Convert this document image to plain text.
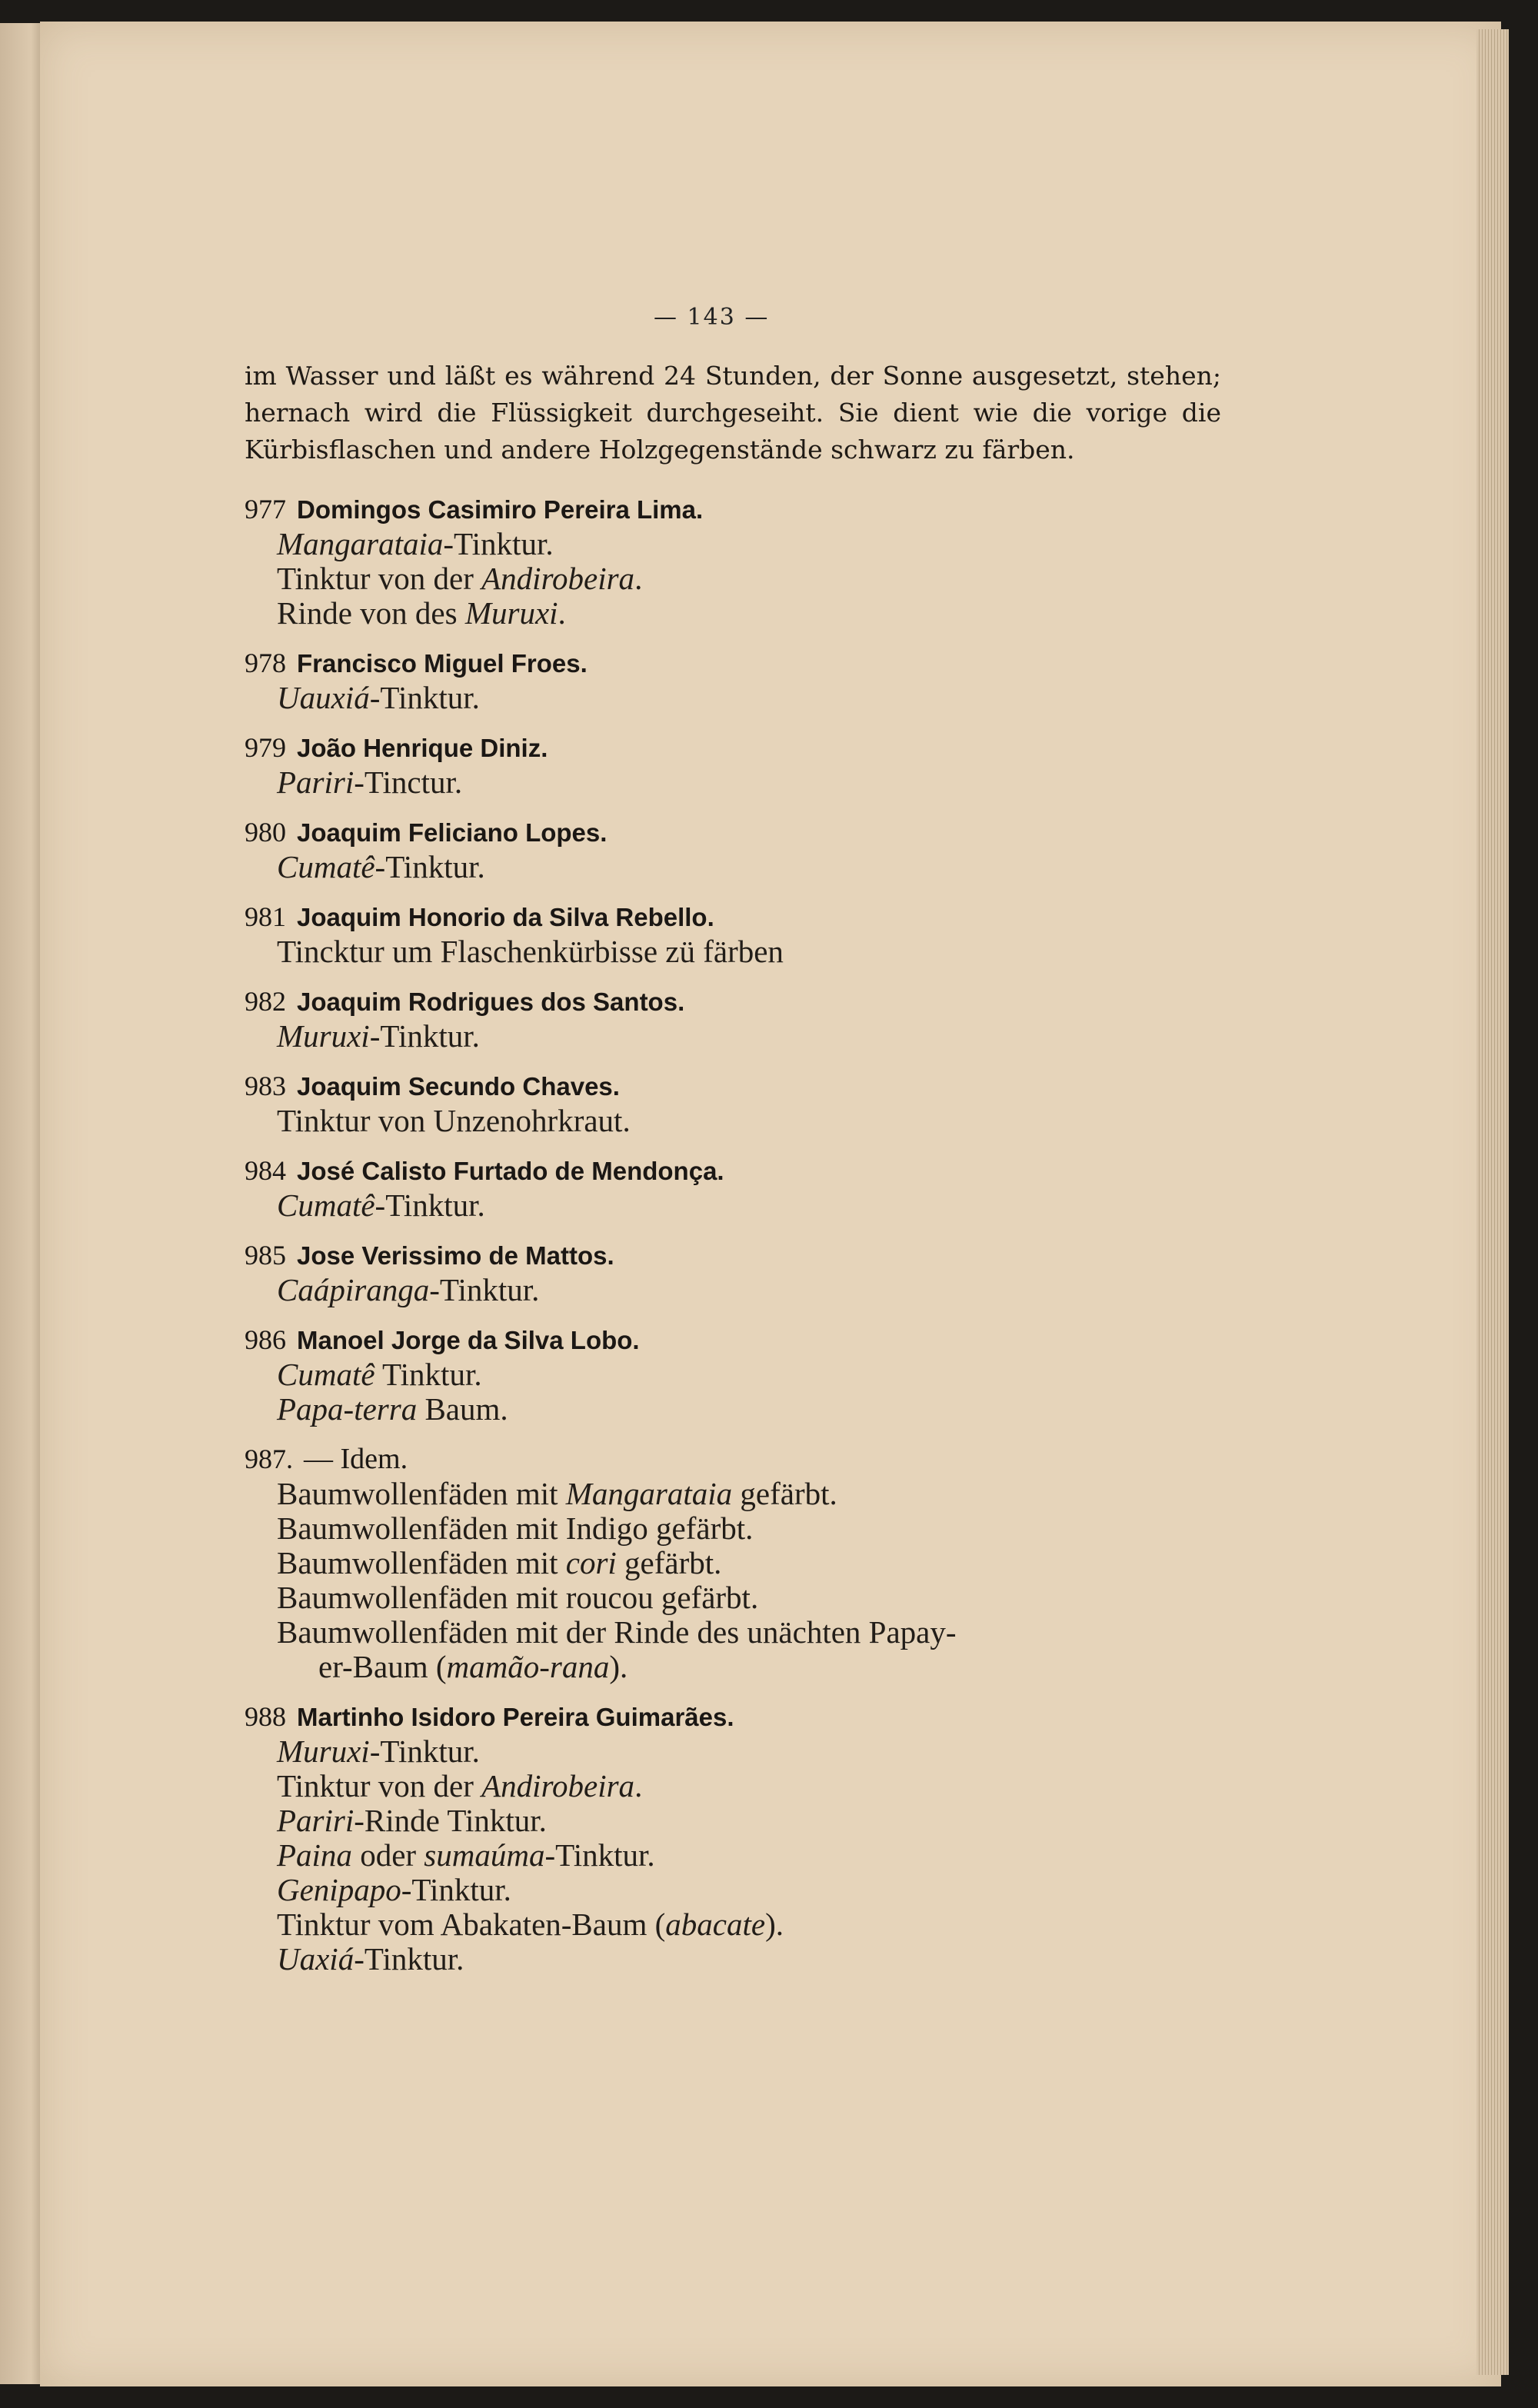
— 143 —
im Wasser und läßt es während 24 Stunden, der Sonne ausgesetzt, stehen; hernach wird die Flüssigkeit durchgeseiht. Sie dient wie die vorige die Kürbisflaschen und andere Holzgegenstände schwarz zu färben.
977 Domingos Casimiro Pereira Lima.
Mangarataia-Tinktur.
Tinktur von der Andirobeira.
Rinde von des Muruxi.
978 Francisco Miguel Froes.
Uauxiá-Tinktur.
979 João Henrique Diniz.
Pariri-Tinctur.
980 Joaquim Feliciano Lopes.
Cumatê-Tinktur.
981 Joaquim Honorio da Silva Rebello.
Tincktur um Flaschenkürbisse zü färben
982 Joaquim Rodrigues dos Santos.
Muruxi-Tinktur.
983 Joaquim Secundo Chaves.
Tinktur von Unzenohrkraut.
984 José Calisto Furtado de Mendonça.
Cumatê-Tinktur.
985 Jose Verissimo de Mattos.
Caápiranga-Tinktur.
986 Manoel Jorge da Silva Lobo.
Cumatê Tinktur.
Papa-terra Baum.
987. — Idem.
Baumwollenfäden mit Mangarataia gefärbt.
Baumwollenfäden mit Indigo gefärbt.
Baumwollenfäden mit cori gefärbt.
Baumwollenfäden mit roucou gefärbt.
Baumwollenfäden mit der Rinde des unächten Papay-
er-Baum (mamão-rana).
988 Martinho Isidoro Pereira Guimarães.
Muruxi-Tinktur.
Tinktur von der Andirobeira.
Pariri-Rinde Tinktur.
Paina oder sumaúma-Tinktur.
Genipapo-Tinktur.
Tinktur vom Abakaten-Baum (abacate).
Uaxiá-Tinktur.
